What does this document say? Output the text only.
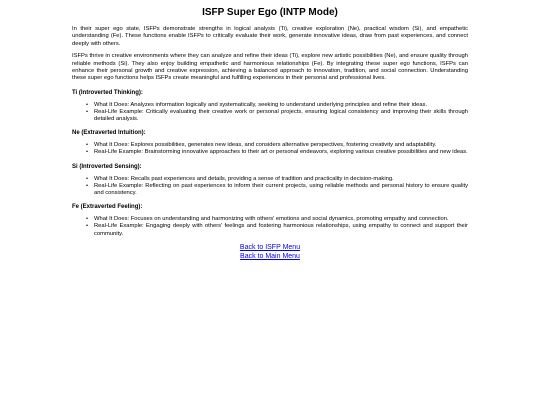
ISFP Super Ego (INTP Mode)

In their super ego state, ISFPs demonstrate strengths in logical analysis (Ti), creative exploration (Ne), practical wisdom (Si), and empathetic understanding (Fe). These functions enable ISFPs to critically evaluate their work, generate innovative ideas, draw from past experiences, and connect deeply with others.

ISFPs thrive in creative environments where they can analyze and refine their ideas (Ti), explore new artistic possibilities (Ne), and ensure quality through reliable methods (Si). They also enjoy building empathetic and harmonious relationships (Fe). By integrating these super ego functions, ISFPs can enhance their personal growth and creative expression, achieving a balanced approach to innovation, tradition, and social connection. Understanding these super ego functions helps ISFPs create meaningful and fulfilling experiences in their personal and professional lives.

Ti (Introverted Thinking):
• What It Does: Analyzes information logically and systematically, seeking to understand underlying principles and refine their ideas.
• Real-Life Example: Critically evaluating their creative work or personal projects, ensuring logical consistency and improving their skills through detailed analysis.
Ne (Extraverted Intuition):
• What It Does: Explores possibilities, generates new ideas, and considers alternative perspectives, fostering creativity and adaptability.
• Real-Life Example: Brainstorming innovative approaches to their art or personal endeavors, exploring various creative possibilities and new ideas.
Si (Introverted Sensing):
• What It Does: Recalls past experiences and details, providing a sense of tradition and practicality in decision-making.
• Real-Life Example: Reflecting on past experiences to inform their current projects, using reliable methods and personal history to ensure quality and consistency.
Fe (Extraverted Feeling):
• What It Does: Focuses on understanding and harmonizing with others' emotions and social dynamics, promoting empathy and connection.
• Real-Life Example: Engaging deeply with others' feelings and fostering harmonious relationships, using empathy to connect and support their community.
Back to ISFP Menu
Back to Main Menu
